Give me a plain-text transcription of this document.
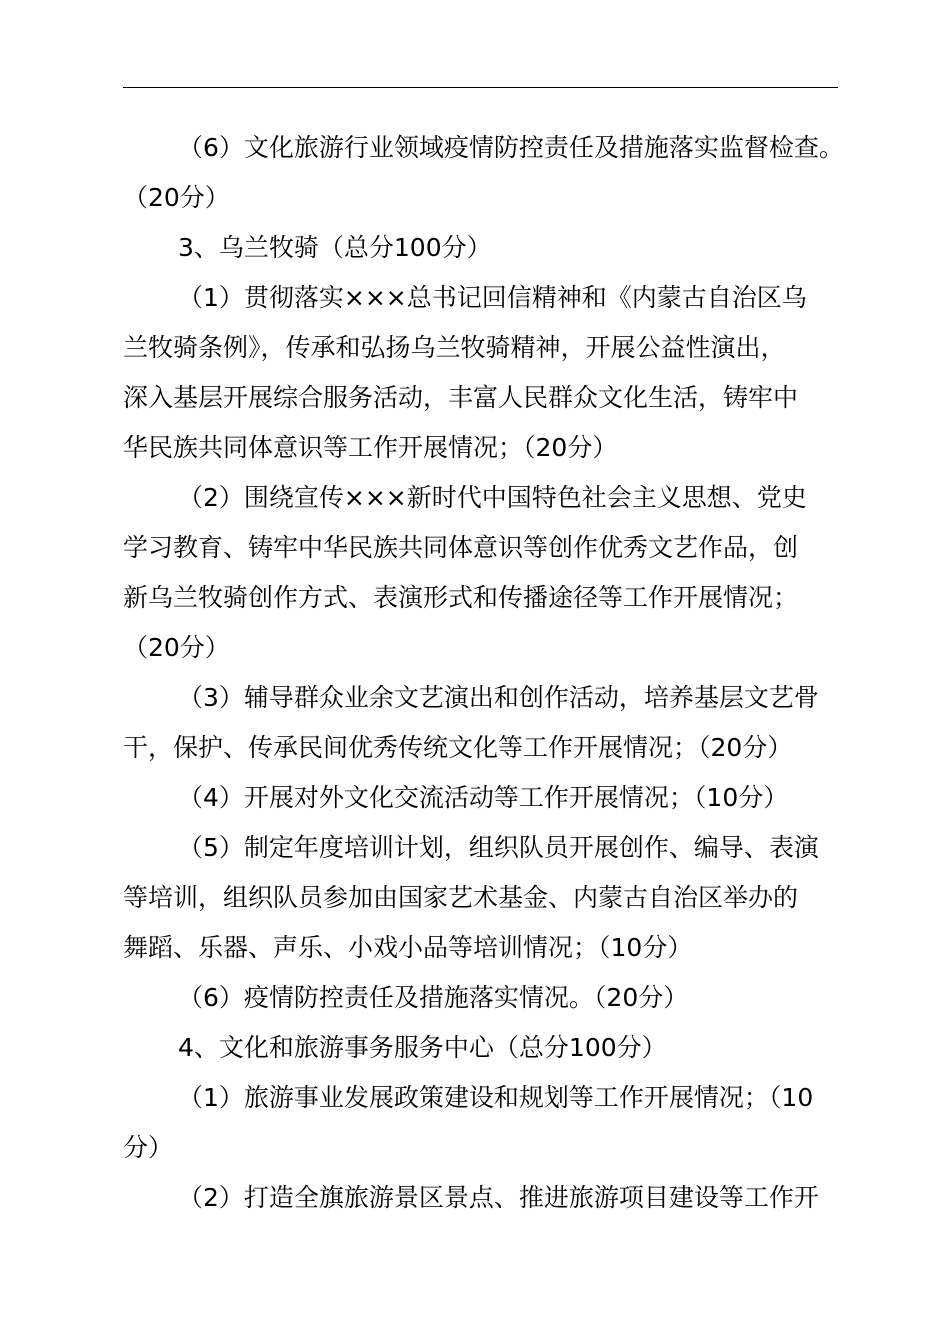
（6）文化旅游行业领域疫情防控责任及措施落实监督检查。
（20分）
3、乌兰牧骑（总分100分）
（1）贯彻落实×××总书记回信精神和《内蒙古自治区乌
兰牧骑条例》，传承和弘扬乌兰牧骑精神，开展公益性演出，
深入基层开展综合服务活动，丰富人民群众文化生活，铸牢中
华民族共同体意识等工作开展情况；（20分）
（2）围绕宣传×××新时代中国特色社会主义思想、党史
学习教育、铸牢中华民族共同体意识等创作优秀文艺作品，创
新乌兰牧骑创作方式、表演形式和传播途径等工作开展情况；
（20分）
（3）辅导群众业余文艺演出和创作活动，培养基层文艺骨
干，保护、传承民间优秀传统文化等工作开展情况；（20分）
（4）开展对外文化交流活动等工作开展情况；（10分）
（5）制定年度培训计划，组织队员开展创作、编导、表演
等培训，组织队员参加由国家艺术基金、内蒙古自治区举办的
舞蹈、乐器、声乐、小戏小品等培训情况；（10分）
（6）疫情防控责任及措施落实情况。（20分）
4、文化和旅游事务服务中心（总分100分）
（1）旅游事业发展政策建设和规划等工作开展情况；（10
分）
（2）打造全旗旅游景区景点、推进旅游项目建设等工作开
